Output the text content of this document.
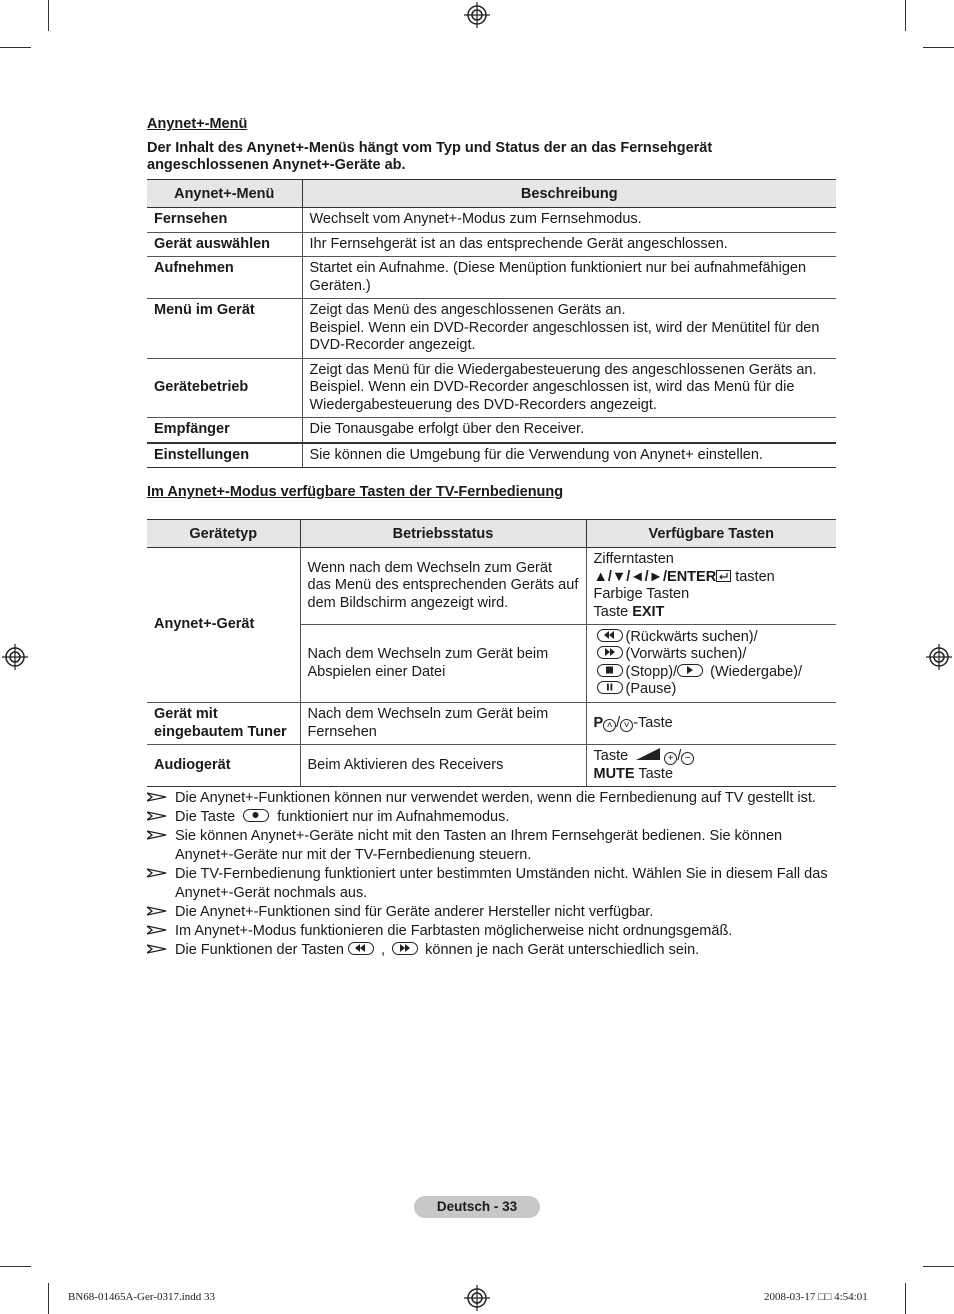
Anynet+-Menü

Der Inhalt des Anynet+-Menüs hängt vom Typ und Status der an das Fernsehgerät
angeschlossenen Anynet+-Geräte ab.

Anynet+-Menü	Beschreibung
Fernsehen	Wechselt vom Anynet+-Modus zum Fernsehmodus.
Gerät auswählen	Ihr Fernsehgerät ist an das entsprechende Gerät angeschlossen.
Aufnehmen	Startet ein Aufnahme. (Diese Menüption funktioniert nur bei aufnahmefähigen Geräten.)
Menü im Gerät	Zeigt das Menü des angeschlossenen Geräts an.
Beispiel. Wenn ein DVD-Recorder angeschlossen ist, wird der Menütitel für den DVD-Recorder angezeigt.
Gerätebetrieb	Zeigt das Menü für die Wiedergabesteuerung des angeschlossenen Geräts an.
Beispiel. Wenn ein DVD-Recorder angeschlossen ist, wird das Menü für die Wiedergabesteuerung des DVD-Recorders angezeigt.
Empfänger	Die Tonausgabe erfolgt über den Receiver.
Einstellungen	Sie können die Umgebung für die Verwendung von Anynet+ einstellen.
Im Anynet+-Modus verfügbare Tasten der TV-Fernbedienung
Gerätetyp	Betriebsstatus	Verfügbare Tasten
Anynet+-Gerät	Wenn nach dem Wechseln zum Gerät das Menü des entsprechenden Geräts auf dem Bildschirm angezeigt wird.	Zifferntasten
▲/▼/◄/►/ENTER tasten
Farbige Tasten
Taste EXIT
	Nach dem Wechseln zum Gerät beim Abspielen einer Datei	(Rückwärts suchen)/

(Vorwärts suchen)/

(Stopp)/
(Wiedergabe)/

(Pause)
Gerät mit
eingebautem Tuner	Nach dem Wechseln zum Gerät beim Fernsehen	P ˄ / ˅ -Taste
Audiogerät	Beim Aktivieren des Receivers	Taste + / −
MUTE Taste
Die Anynet+-Funktionen können nur verwendet werden, wenn die Fernbedienung auf TV gestellt ist.
Die Taste
funktioniert nur im Aufnahmemodus.
Sie können Anynet+-Geräte nicht mit den Tasten an Ihrem Fernsehgerät bedienen. Sie können Anynet+-Geräte nur mit der TV-Fernbedienung steuern.
Die TV-Fernbedienung funktioniert unter bestimmten Umständen nicht. Wählen Sie in diesem Fall das Anynet+-Gerät nochmals aus.
Die Anynet+-Funktionen sind für Geräte anderer Hersteller nicht verfügbar.
Im Anynet+-Modus funktionieren die Farbtasten möglicherweise nicht ordnungsgemäß.
Die Funktionen der Tasten
,
können je nach Gerät unterschiedlich sein.
Deutsch - 33
BN68-01465A-Ger-0317.indd 33	2008-03-17 □□ 4:54:01
